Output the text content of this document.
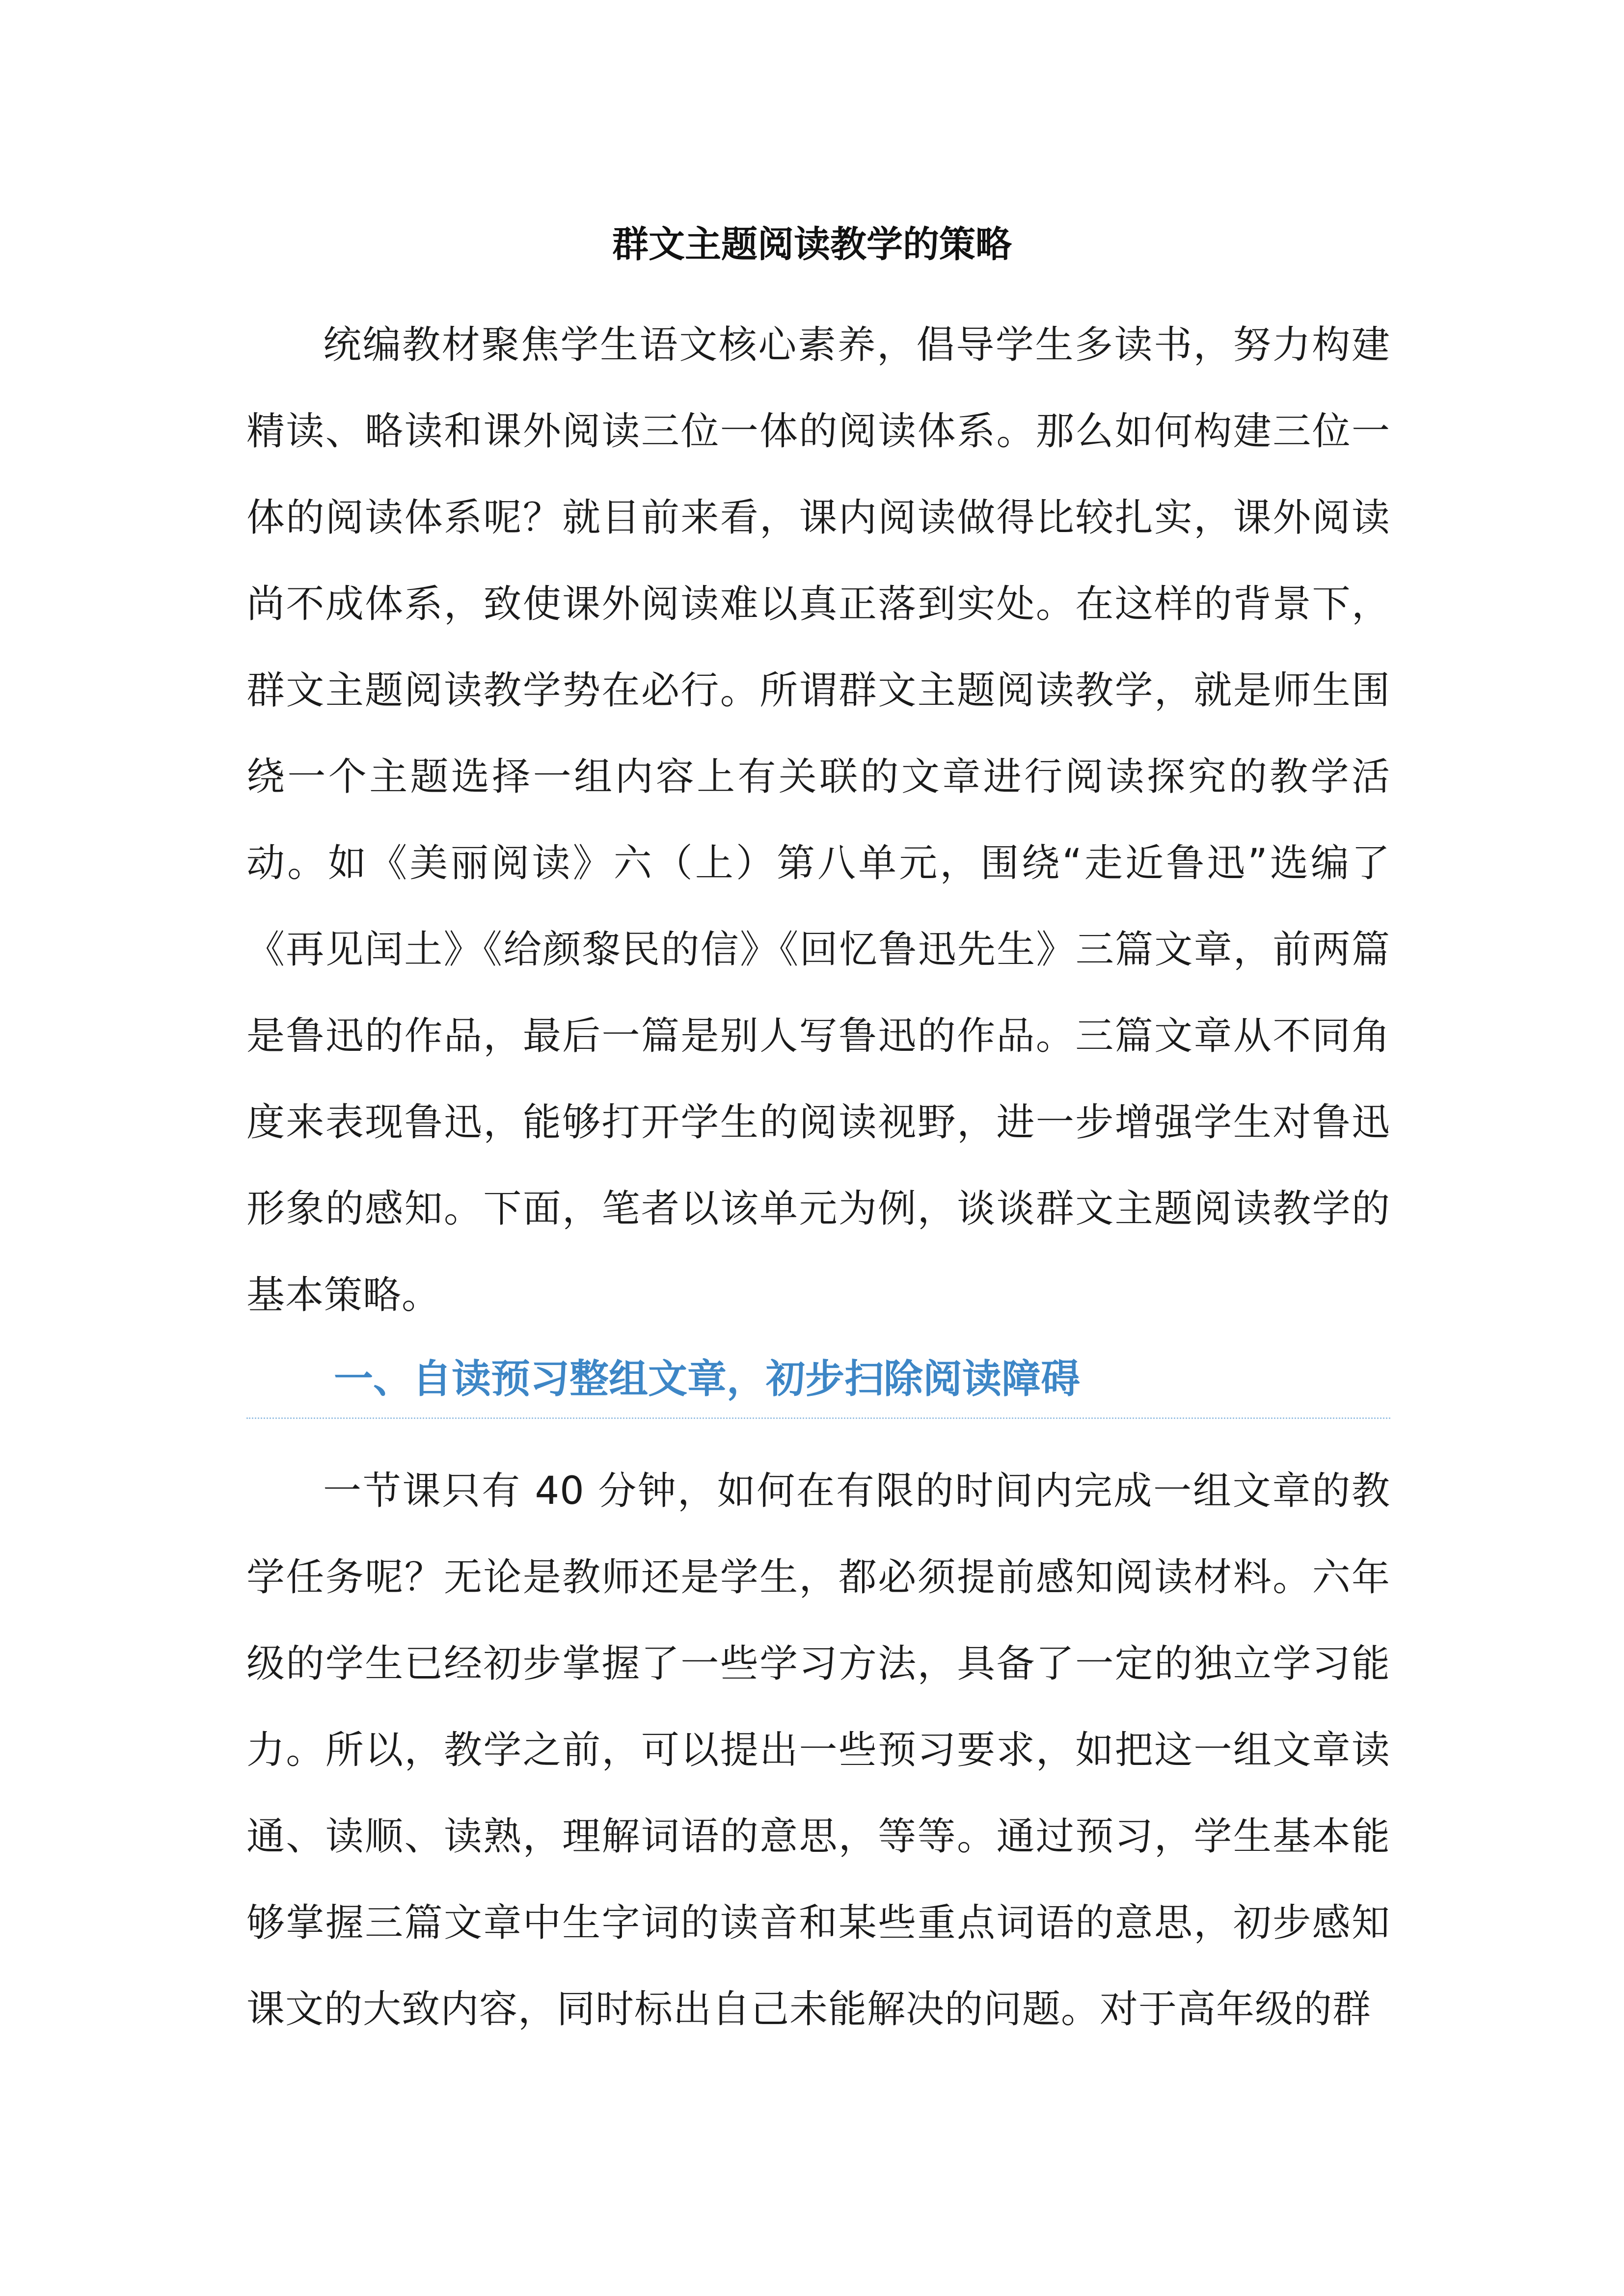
群文主题阅读教学的策略

统编教材聚焦学生语文核心素养，倡导学生多读书，努力构建精读、略读和课外阅读三位一体的阅读体系。那么如何构建三位一体的阅读体系呢？就目前来看，课内阅读做得比较扎实，课外阅读尚不成体系，致使课外阅读难以真正落到实处。在这样的背景下，群文主题阅读教学势在必行。所谓群文主题阅读教学，就是师生围绕一个主题选择一组内容上有关联的文章进行阅读探究的教学活动。如《美丽阅读》六（上）第八单元，围绕“走近鲁迅”选编了《再见闰土》《给颜黎民的信》《回忆鲁迅先生》三篇文章，前两篇是鲁迅的作品，最后一篇是别人写鲁迅的作品。三篇文章从不同角度来表现鲁迅，能够打开学生的阅读视野，进一步增强学生对鲁迅形象的感知。下面，笔者以该单元为例，谈谈群文主题阅读教学的基本策略。

一、自读预习整组文章，初步扫除阅读障碍

一节课只有 40 分钟，如何在有限的时间内完成一组文章的教学任务呢？无论是教师还是学生，都必须提前感知阅读材料。六年级的学生已经初步掌握了一些学习方法，具备了一定的独立学习能力。所以，教学之前，可以提出一些预习要求，如把这一组文章读通、读顺、读熟，理解词语的意思，等等。通过预习，学生基本能够掌握三篇文章中生字词的读音和某些重点词语的意思，初步感知课文的大致内容，同时标出自己未能解决的问题。对于高年级的群
